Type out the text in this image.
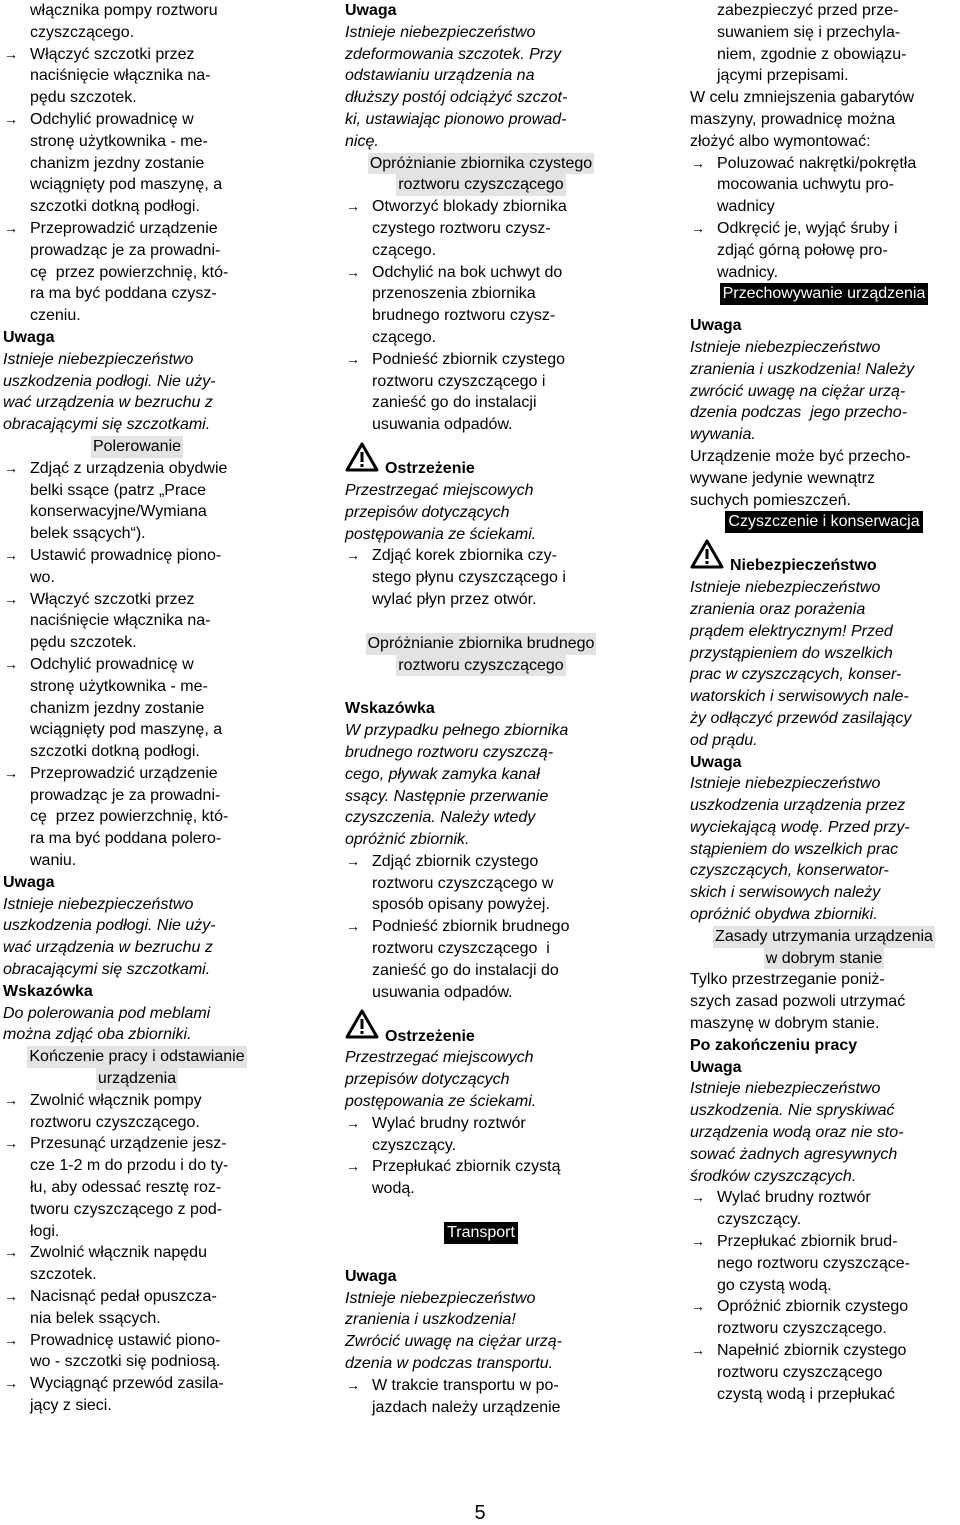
włącznika pompy roztworu
czyszczącego.
→ Włączyć szczotki przez
naciśnięcie włącznika na-
pędu szczotek.
→ Odchylić prowadnicę w
stronę użytkownika - me-
chanizm jezdny zostanie
wciągnięty pod maszynę, a
szczotki dotkną podłogi.
→ Przeprowadzić urządzenie
prowadząc je za prowadni-
cę  przez powierzchnię, któ-
ra ma być poddana czysz-
czeniu.
Uwaga
Istnieje niebezpieczeństwo
uszkodzenia podłogi. Nie uży-
wać urządzenia w bezruchu z
obracającymi się szczotkami.
Polerowanie
→ Zdjąć z urządzenia obydwie
belki ssące (patrz „Prace
konserwacyjne/Wymiana
belek ssących“).
→ Ustawić prowadnicę piono-
wo.
→ Włączyć szczotki przez
naciśnięcie włącznika na-
pędu szczotek.
→ Odchylić prowadnicę w
stronę użytkownika - me-
chanizm jezdny zostanie
wciągnięty pod maszynę, a
szczotki dotkną podłogi.
→ Przeprowadzić urządzenie
prowadząc je za prowadni-
cę  przez powierzchnię, któ-
ra ma być poddana polero-
waniu.
Uwaga
Istnieje niebezpieczeństwo
uszkodzenia podłogi. Nie uży-
wać urządzenia w bezruchu z
obracającymi się szczotkami.
Wskazówka
Do polerowania pod meblami
można zdjąć oba zbiorniki.
Kończenie pracy i odstawianie
urządzenia
→ Zwolnić włącznik pompy
roztworu czyszczącego.
→ Przesunąć urządzenie jesz-
cze 1-2 m do przodu i do ty-
łu, aby odessać resztę roz-
tworu czyszczącego z pod-
łogi.
→ Zwolnić włącznik napędu
szczotek.
→ Nacisnąć pedał opuszcza-
nia belek ssących.
→ Prowadnicę ustawić piono-
wo - szczotki się podniosą.
→ Wyciągnąć przewód zasila-
jący z sieci.
Uwaga
Istnieje niebezpieczeństwo
zdeformowania szczotek. Przy
odstawianiu urządzenia na
dłuższy postój odciążyć szczot-
ki, ustawiając pionowo prowad-
nicę.
Opróżnianie zbiornika czystego
roztworu czyszczącego
→ Otworzyć blokady zbiornika
czystego roztworu czysz-
czącego.
→ Odchylić na bok uchwyt do
przenoszenia zbiornika
brudnego roztworu czysz-
czącego.
→ Podnieść zbiornik czystego
roztworu czyszczącego i
zanieść go do instalacji
usuwania odpadów.
Ostrzeżenie
Przestrzegać miejscowych
przepisów dotyczących
postępowania ze ściekami.
→ Zdjąć korek zbiornika czy-
stego płynu czyszczącego i
wylać płyn przez otwór.
Opróżnianie zbiornika brudnego
roztworu czyszczącego
Wskazówka
W przypadku pełnego zbiornika
brudnego roztworu czyszczą-
cego, pływak zamyka kanał
ssący. Następnie przerwanie
czyszczenia. Należy wtedy
opróżnić zbiornik.
→ Zdjąć zbiornik czystego
roztworu czyszczącego w
sposób opisany powyżej.
→ Podnieść zbiornik brudnego
roztworu czyszczącego  i
zanieść go do instalacji do
usuwania odpadów.
Ostrzeżenie
Przestrzegać miejscowych
przepisów dotyczących
postępowania ze ściekami.
→ Wylać brudny roztwór
czyszczący.
→ Przepłukać zbiornik czystą
wodą.
Transport
Uwaga
Istnieje niebezpieczeństwo
zranienia i uszkodzenia!
Zwrócić uwagę na ciężar urzą-
dzenia w podczas transportu.
→ W trakcie transportu w po-
jazdach należy urządzenie
zabezpieczyć przed prze-
suwaniem się i przechyla-
niem, zgodnie z obowiązu-
jącymi przepisami.
W celu zmniejszenia gabarytów
maszyny, prowadnicę można
złożyć albo wymontować:
→ Poluzować nakrętki/pokrętła
mocowania uchwytu pro-
wadnicy
→ Odkręcić je, wyjąć śruby i
zdjąć górną połowę pro-
wadnicy.
Przechowywanie urządzenia
Uwaga
Istnieje niebezpieczeństwo
zranienia i uszkodzenia! Należy
zwrócić uwagę na ciężar urzą-
dzenia podczas  jego przecho-
wywania.
Urządzenie może być przecho-
wywane jedynie wewnątrz
suchych pomieszczeń.
Czyszczenie i konserwacja
Niebezpieczeństwo
Istnieje niebezpieczeństwo
zranienia oraz porażenia
prądem elektrycznym! Przed
przystąpieniem do wszelkich
prac w czyszczących, konser-
watorskich i serwisowych nale-
ży odłączyć przewód zasilający
od prądu.
Uwaga
Istnieje niebezpieczeństwo
uszkodzenia urządzenia przez
wyciekającą wodę. Przed przy-
stąpieniem do wszelkich prac
czyszczących, konserwator-
skich i serwisowych należy
opróżnić obydwa zbiorniki.
Zasady utrzymania urządzenia
w dobrym stanie
Tylko przestrzeganie poniż-
szych zasad pozwoli utrzymać
maszynę w dobrym stanie.
Po zakończeniu pracy
Uwaga
Istnieje niebezpieczeństwo
uszkodzenia. Nie spryskiwać
urządzenia wodą oraz nie sto-
sować żadnych agresywnych
środków czyszczących.
→ Wylać brudny roztwór
czyszczący.
→ Przepłukać zbiornik brud-
nego roztworu czyszczące-
go czystą wodą.
→ Opróżnić zbiornik czystego
roztworu czyszczącego.
→ Napełnić zbiornik czystego
roztworu czyszczącego
czystą wodą i przepłukać
5
